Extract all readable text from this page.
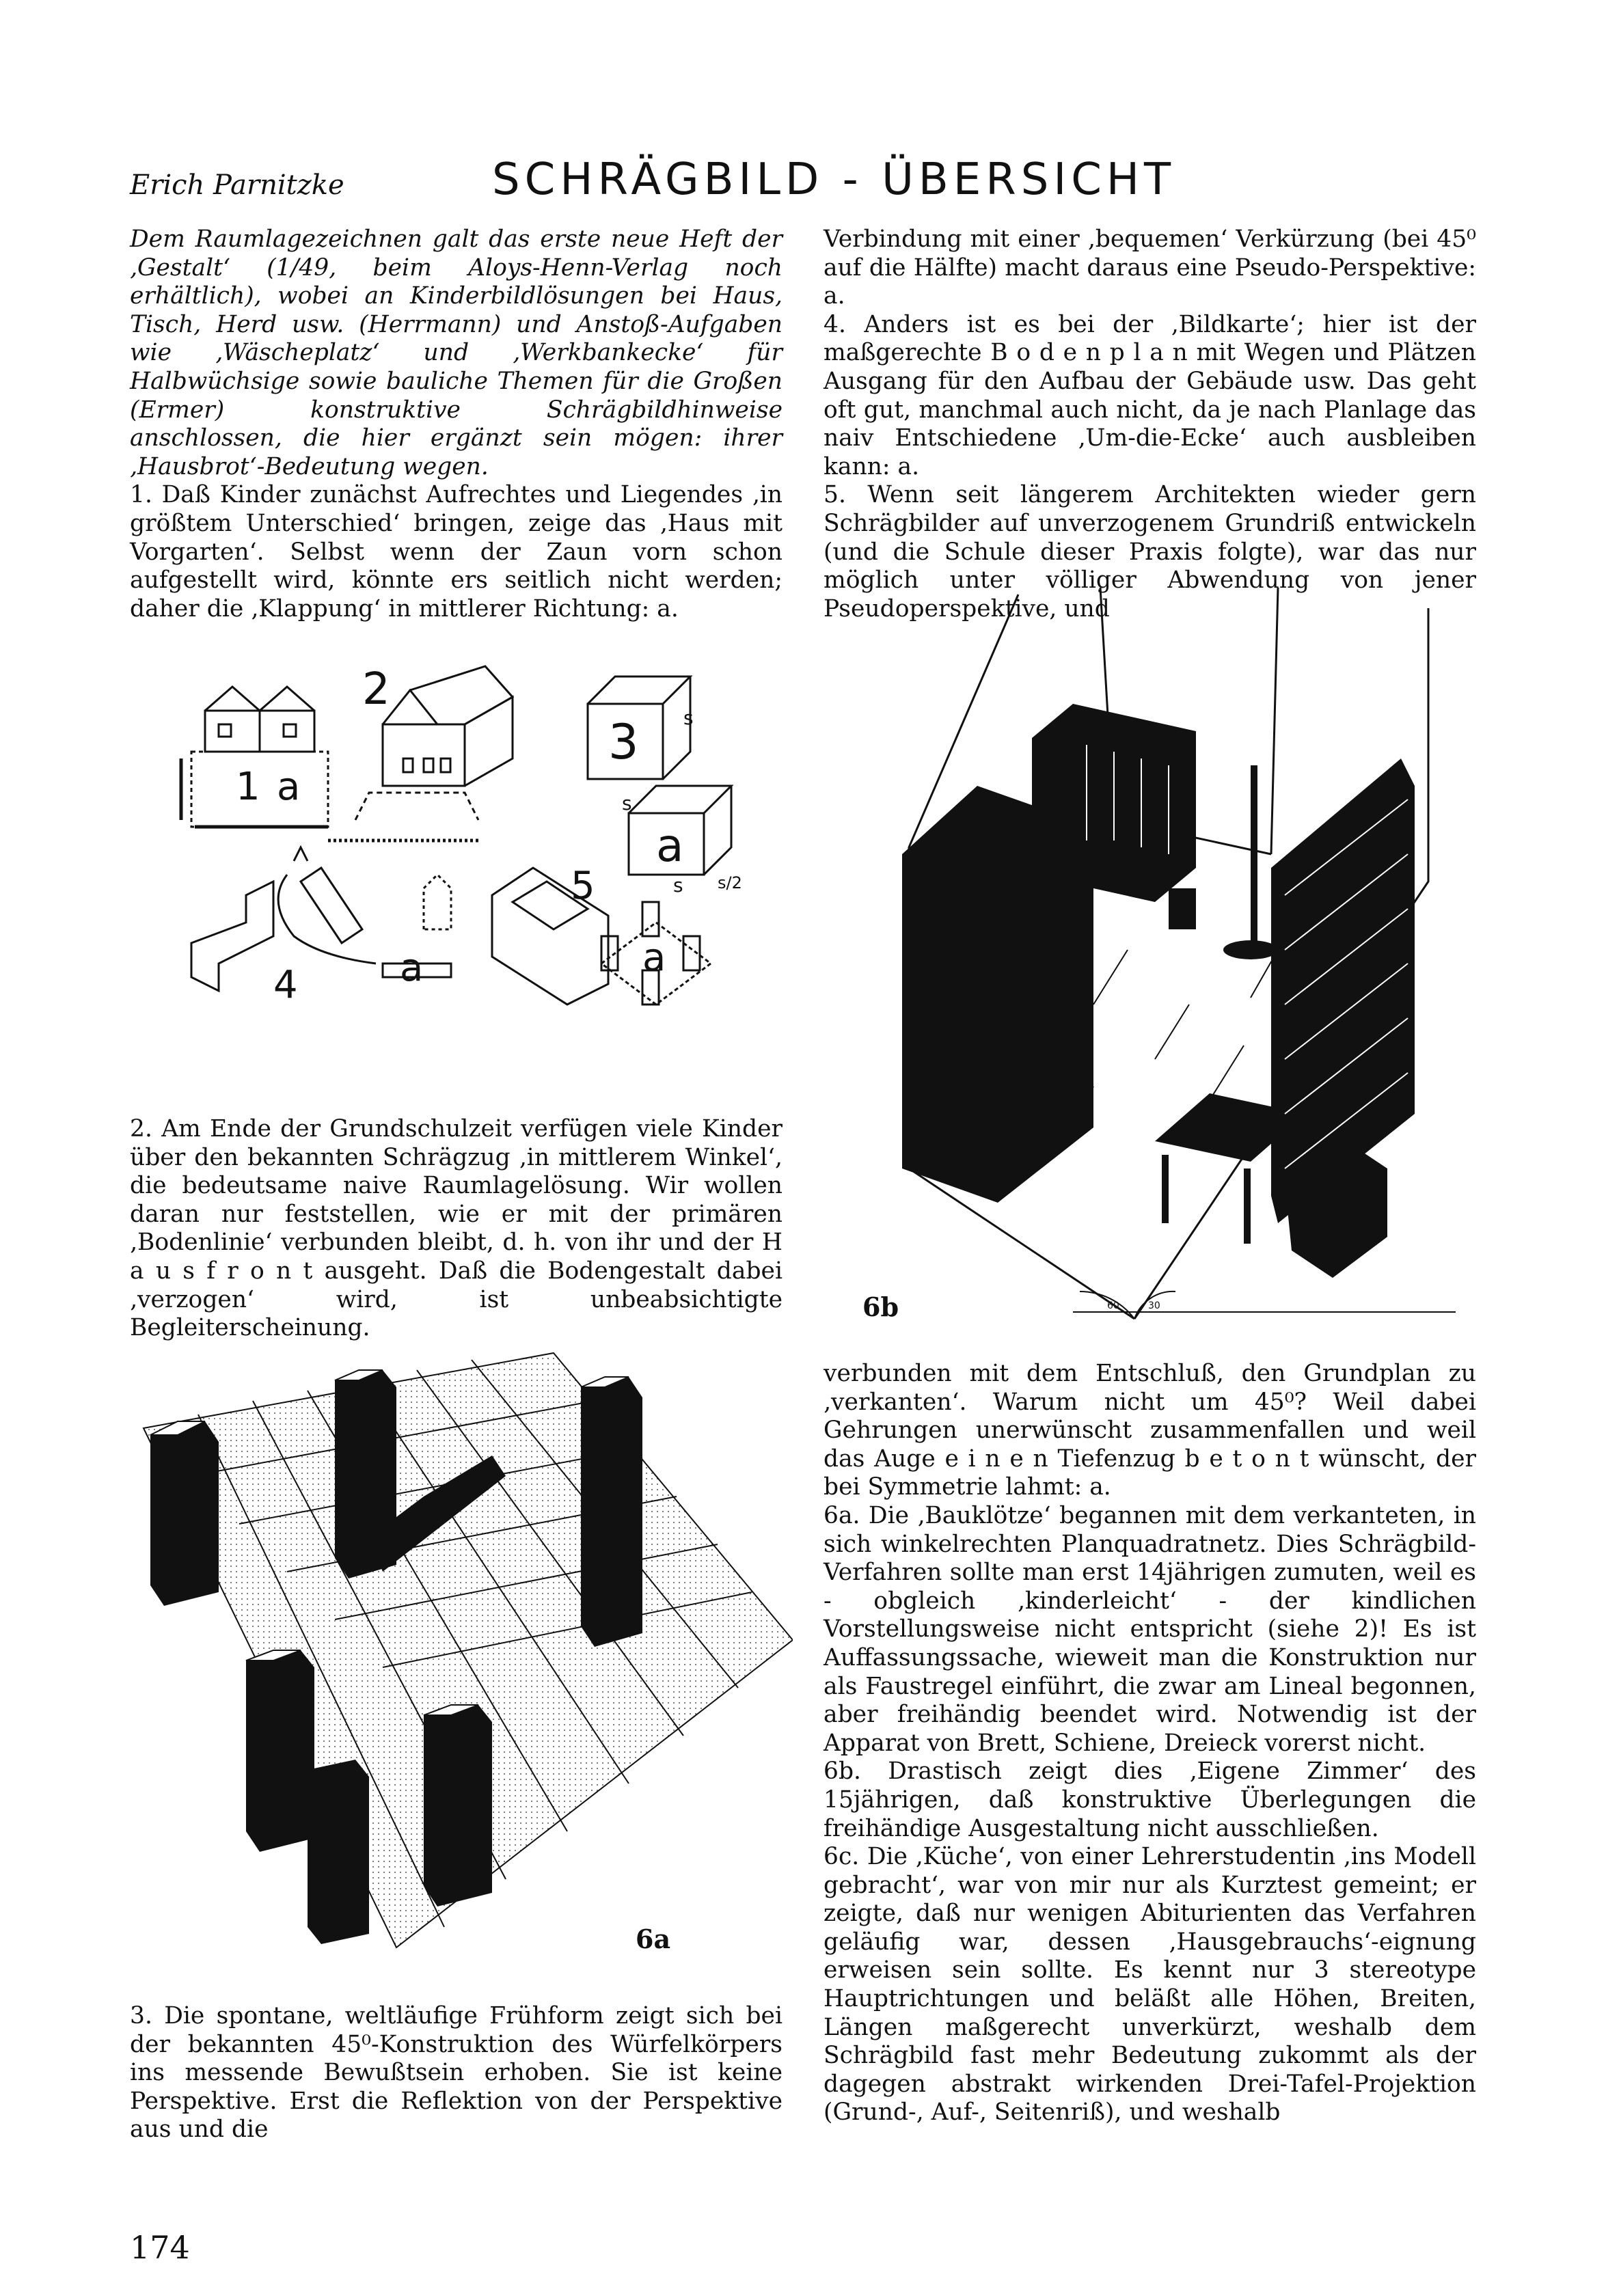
Erich Parnitzke	SCHRÄGBILD - ÜBERSICHT

Dem Raumlagezeichnen galt das erste neue Heft der ‚Gestalt‘ (1/49, beim Aloys-Henn-Verlag noch erhältlich), wobei an Kinderbildlösungen bei Haus, Tisch, Herd usw. (Herrmann) und Anstoß-Aufgaben wie ‚Wäscheplatz‘ und ‚Werkbankecke‘ für Halbwüchsige sowie bauliche Themen für die Großen (Ermer) konstruktive Schrägbildhinweise anschlossen, die hier ergänzt sein mögen: ihrer ‚Hausbrot‘-Bedeutung wegen.

1. Daß Kinder zunächst Aufrechtes und Liegendes ‚in größtem Unterschied‘ bringen, zeige das ‚Haus mit Vorgarten‘. Selbst wenn der Zaun vorn schon aufgestellt wird, könnte ers seitlich nicht werden; daher die ‚Klappung‘ in mittlerer Richtung: a.

Verbindung mit einer ‚bequemen‘ Verkürzung (bei 45⁰ auf die Hälfte) macht daraus eine Pseudo-Perspektive: a.

4. Anders ist es bei der ‚Bildkarte‘; hier ist der maßgerechte B o d e n p l a n mit Wegen und Plätzen Ausgang für den Aufbau der Gebäude usw. Das geht oft gut, manchmal auch nicht, da je nach Planlage das naiv Entschiedene ‚Um-die-Ecke‘ auch ausbleiben kann: a.

5. Wenn seit längerem Architekten wieder gern Schrägbilder auf unverzogenem Grundriß entwickeln (und die Schule dieser Praxis folgte), war das nur möglich unter völliger Abwendung von jener Pseudoperspektive, und

2. Am Ende der Grundschulzeit verfügen viele Kinder über den bekannten Schrägzug ‚in mittlerem Winkel‘, die bedeutsame naive Raumlagelösung. Wir wollen daran nur feststellen, wie er mit der primären ‚Bodenlinie‘ verbunden bleibt, d. h. von ihr und der H a u s f r o n t ausgeht. Daß die Bodengestalt dabei ‚verzogen‘ wird, ist unbeabsichtigte Begleiterscheinung.

verbunden mit dem Entschluß, den Grundplan zu ‚verkanten‘. Warum nicht um 45⁰? Weil dabei Gehrungen unerwünscht zusammenfallen und weil das Auge e i n e n Tiefenzug b e t o n t wünscht, der bei Symmetrie lahmt: a.

6a. Die ‚Bauklötze‘ begannen mit dem verkanteten, in sich winkelrechten Planquadratnetz. Dies Schrägbild-Verfahren sollte man erst 14jährigen zumuten, weil es - obgleich ‚kinderleicht‘ - der kindlichen Vorstellungsweise nicht entspricht (siehe 2)! Es ist Auffassungssache, wieweit man die Konstruktion nur als Faustregel einführt, die zwar am Lineal begonnen, aber freihändig beendet wird. Notwendig ist der Apparat von Brett, Schiene, Dreieck vorerst nicht.

6b. Drastisch zeigt dies ‚Eigene Zimmer‘ des 15jährigen, daß konstruktive Überlegungen die freihändige Ausgestaltung nicht ausschließen.

6c. Die ‚Küche‘, von einer Lehrerstudentin ‚ins Modell gebracht‘, war von mir nur als Kurztest gemeint; er zeigte, daß nur wenigen Abiturienten das Verfahren geläufig war, dessen ‚Hausgebrauchs‘-eignung erweisen sein sollte. Es kennt nur 3 stereotype Hauptrichtungen und beläßt alle Höhen, Breiten, Längen maßgerecht unverkürzt, weshalb dem Schrägbild fast mehr Bedeutung zukommt als der dagegen abstrakt wirkenden Drei-Tafel-Projektion (Grund-, Auf-, Seitenriß), und weshalb

3. Die spontane, weltläufige Frühform zeigt sich bei der bekannten 45⁰-Konstruktion des Würfelkörpers ins messende Bewußtsein erhoben. Sie ist keine Perspektive. Erst die Reflektion von der Perspektive aus und die

1 a
2
3 s
s
a
s s/2
4	a
5
a
30
60
6b
6a
174
